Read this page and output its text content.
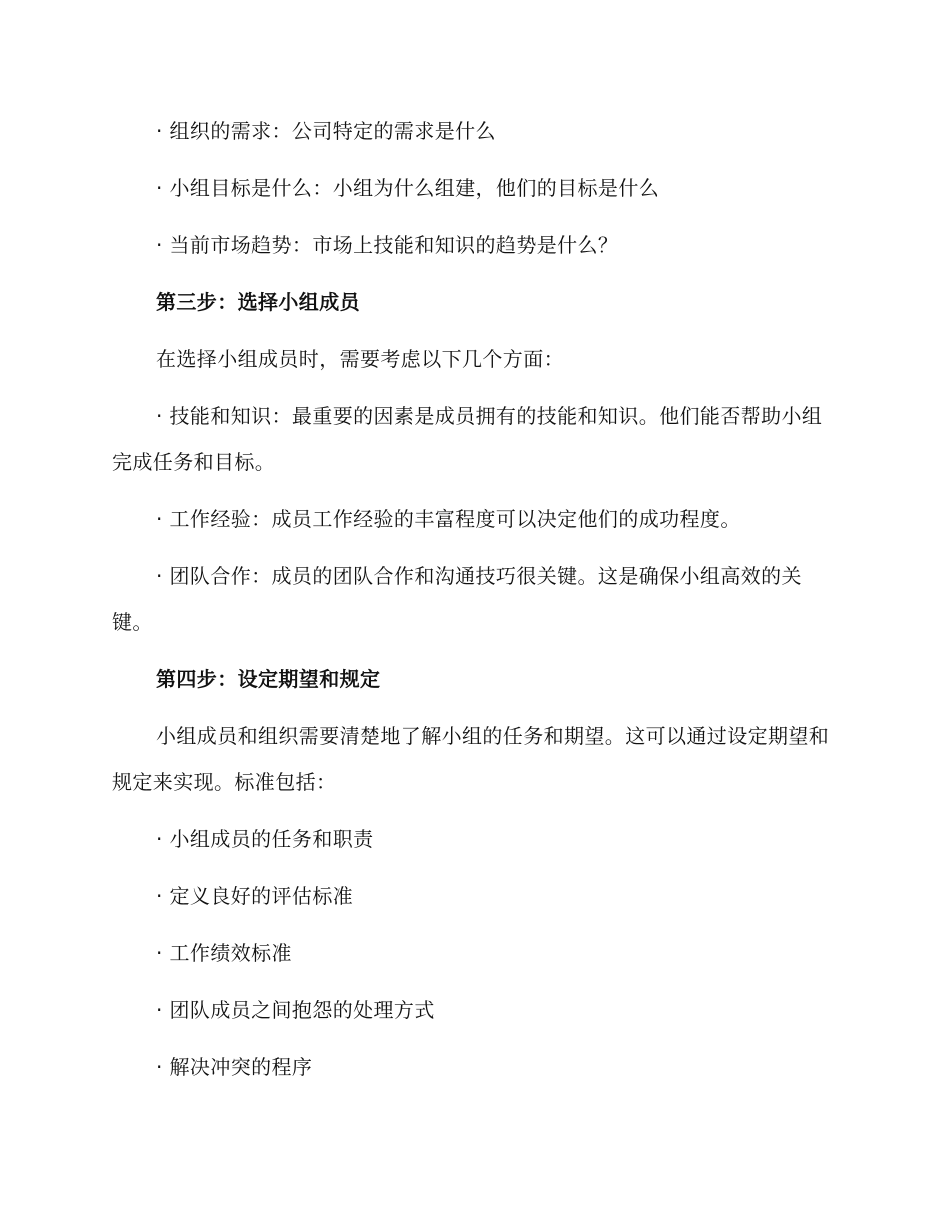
· 组织的需求：公司特定的需求是什么

· 小组目标是什么：小组为什么组建，他们的目标是什么

· 当前市场趋势：市场上技能和知识的趋势是什么？

第三步：选择小组成员

在选择小组成员时，需要考虑以下几个方面：

· 技能和知识：最重要的因素是成员拥有的技能和知识。他们能否帮助小组完成任务和目标。

· 工作经验：成员工作经验的丰富程度可以决定他们的成功程度。

· 团队合作：成员的团队合作和沟通技巧很关键。这是确保小组高效的关键。

第四步：设定期望和规定

小组成员和组织需要清楚地了解小组的任务和期望。这可以通过设定期望和规定来实现。标准包括：

· 小组成员的任务和职责

· 定义良好的评估标准

· 工作绩效标准

· 团队成员之间抱怨的处理方式

· 解决冲突的程序
